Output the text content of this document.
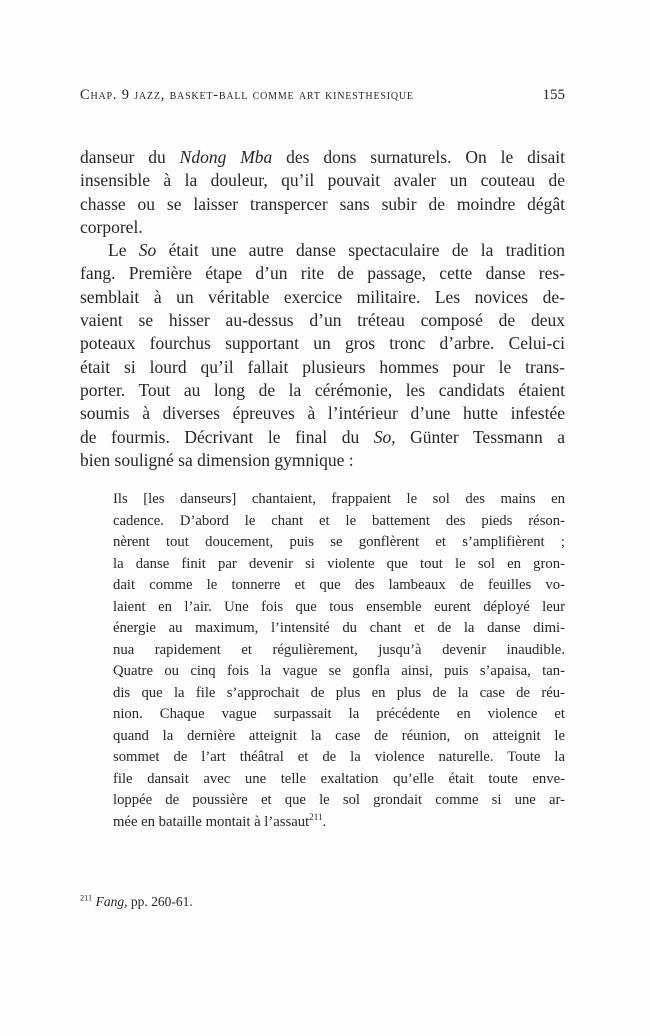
Chap. 9 jazz, basket-ball comme art kinesthesique	155
danseur du Ndong Mba des dons surnaturels. On le disait
insensible à la douleur, qu’il pouvait avaler un couteau de
chasse ou se laisser transpercer sans subir de moindre dégât
corporel.
Le So était une autre danse spectaculaire de la tradition
fang. Première étape d’un rite de passage, cette danse res-
semblait à un véritable exercice militaire. Les novices de-
vaient se hisser au-dessus d’un tréteau composé de deux
poteaux fourchus supportant un gros tronc d’arbre. Celui-ci
était si lourd qu’il fallait plusieurs hommes pour le trans-
porter. Tout au long de la cérémonie, les candidats étaient
soumis à diverses épreuves à l’intérieur d’une hutte infestée
de fourmis. Décrivant le final du So, Günter Tessmann a
bien souligné sa dimension gymnique :
Ils [les danseurs] chantaient, frappaient le sol des mains en
cadence. D’abord le chant et le battement des pieds réson-
nèrent tout doucement, puis se gonflèrent et s’amplifièrent ;
la danse finit par devenir si violente que tout le sol en gron-
dait comme le tonnerre et que des lambeaux de feuilles vo-
laient en l’air. Une fois que tous ensemble eurent déployé leur
énergie au maximum, l’intensité du chant et de la danse dimi-
nua rapidement et régulièrement, jusqu’à devenir inaudible.
Quatre ou cinq fois la vague se gonfla ainsi, puis s’apaisa, tan-
dis que la file s’approchait de plus en plus de la case de réu-
nion. Chaque vague surpassait la précédente en violence et
quand la dernière atteignit la case de réunion, on atteignit le
sommet de l’art théâtral et de la violence naturelle. Toute la
file dansait avec une telle exaltation qu’elle était toute enve-
loppée de poussière et que le sol grondait comme si une ar-
mée en bataille montait à l’assaut$^{211}$.
$^{211}$ Fang, pp. 260-61.
